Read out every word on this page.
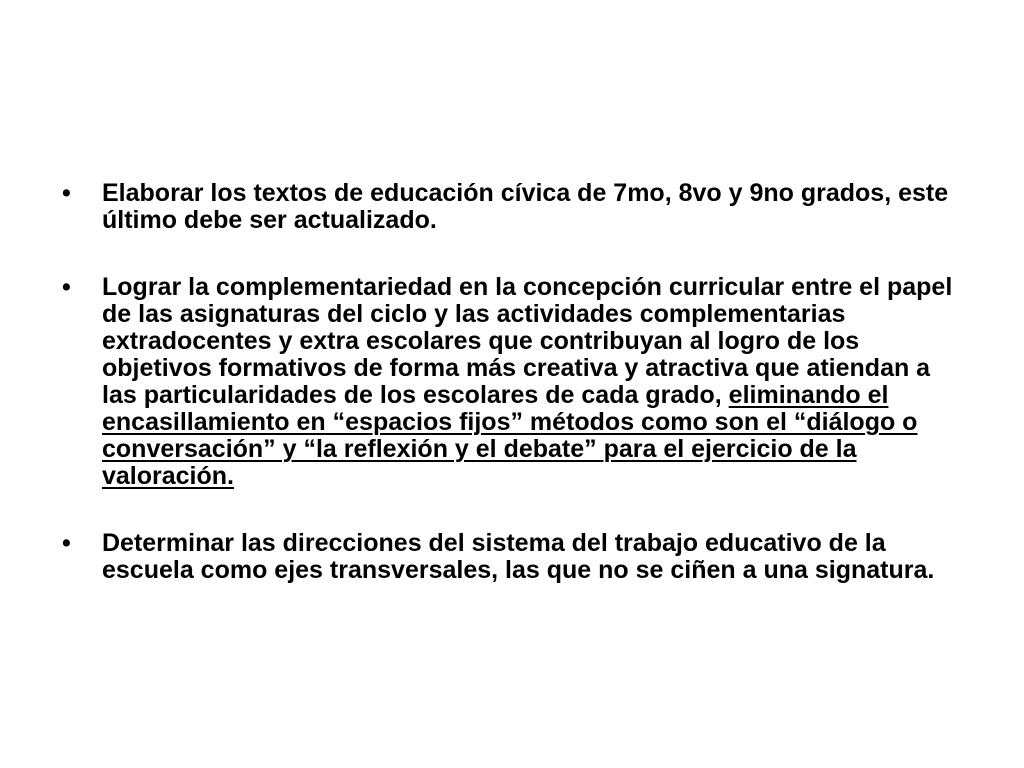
•	Elaborar los textos de educación cívica de 7mo, 8vo y 9no grados, este último debe ser actualizado.
•	Lograr la complementariedad en la concepción curricular entre el papel de las asignaturas del ciclo y las actividades complementarias extradocentes y extra escolares que contribuyan al logro de los objetivos formativos de forma más creativa y atractiva que atiendan a las particularidades de los escolares de cada grado, eliminando el encasillamiento en “espacios fijos” métodos como son el “diálogo o conversación” y “la reflexión y el debate” para el ejercicio de la valoración.
•	Determinar las direcciones del sistema del trabajo educativo de la escuela como ejes transversales, las que no se ciñen a una signatura.
